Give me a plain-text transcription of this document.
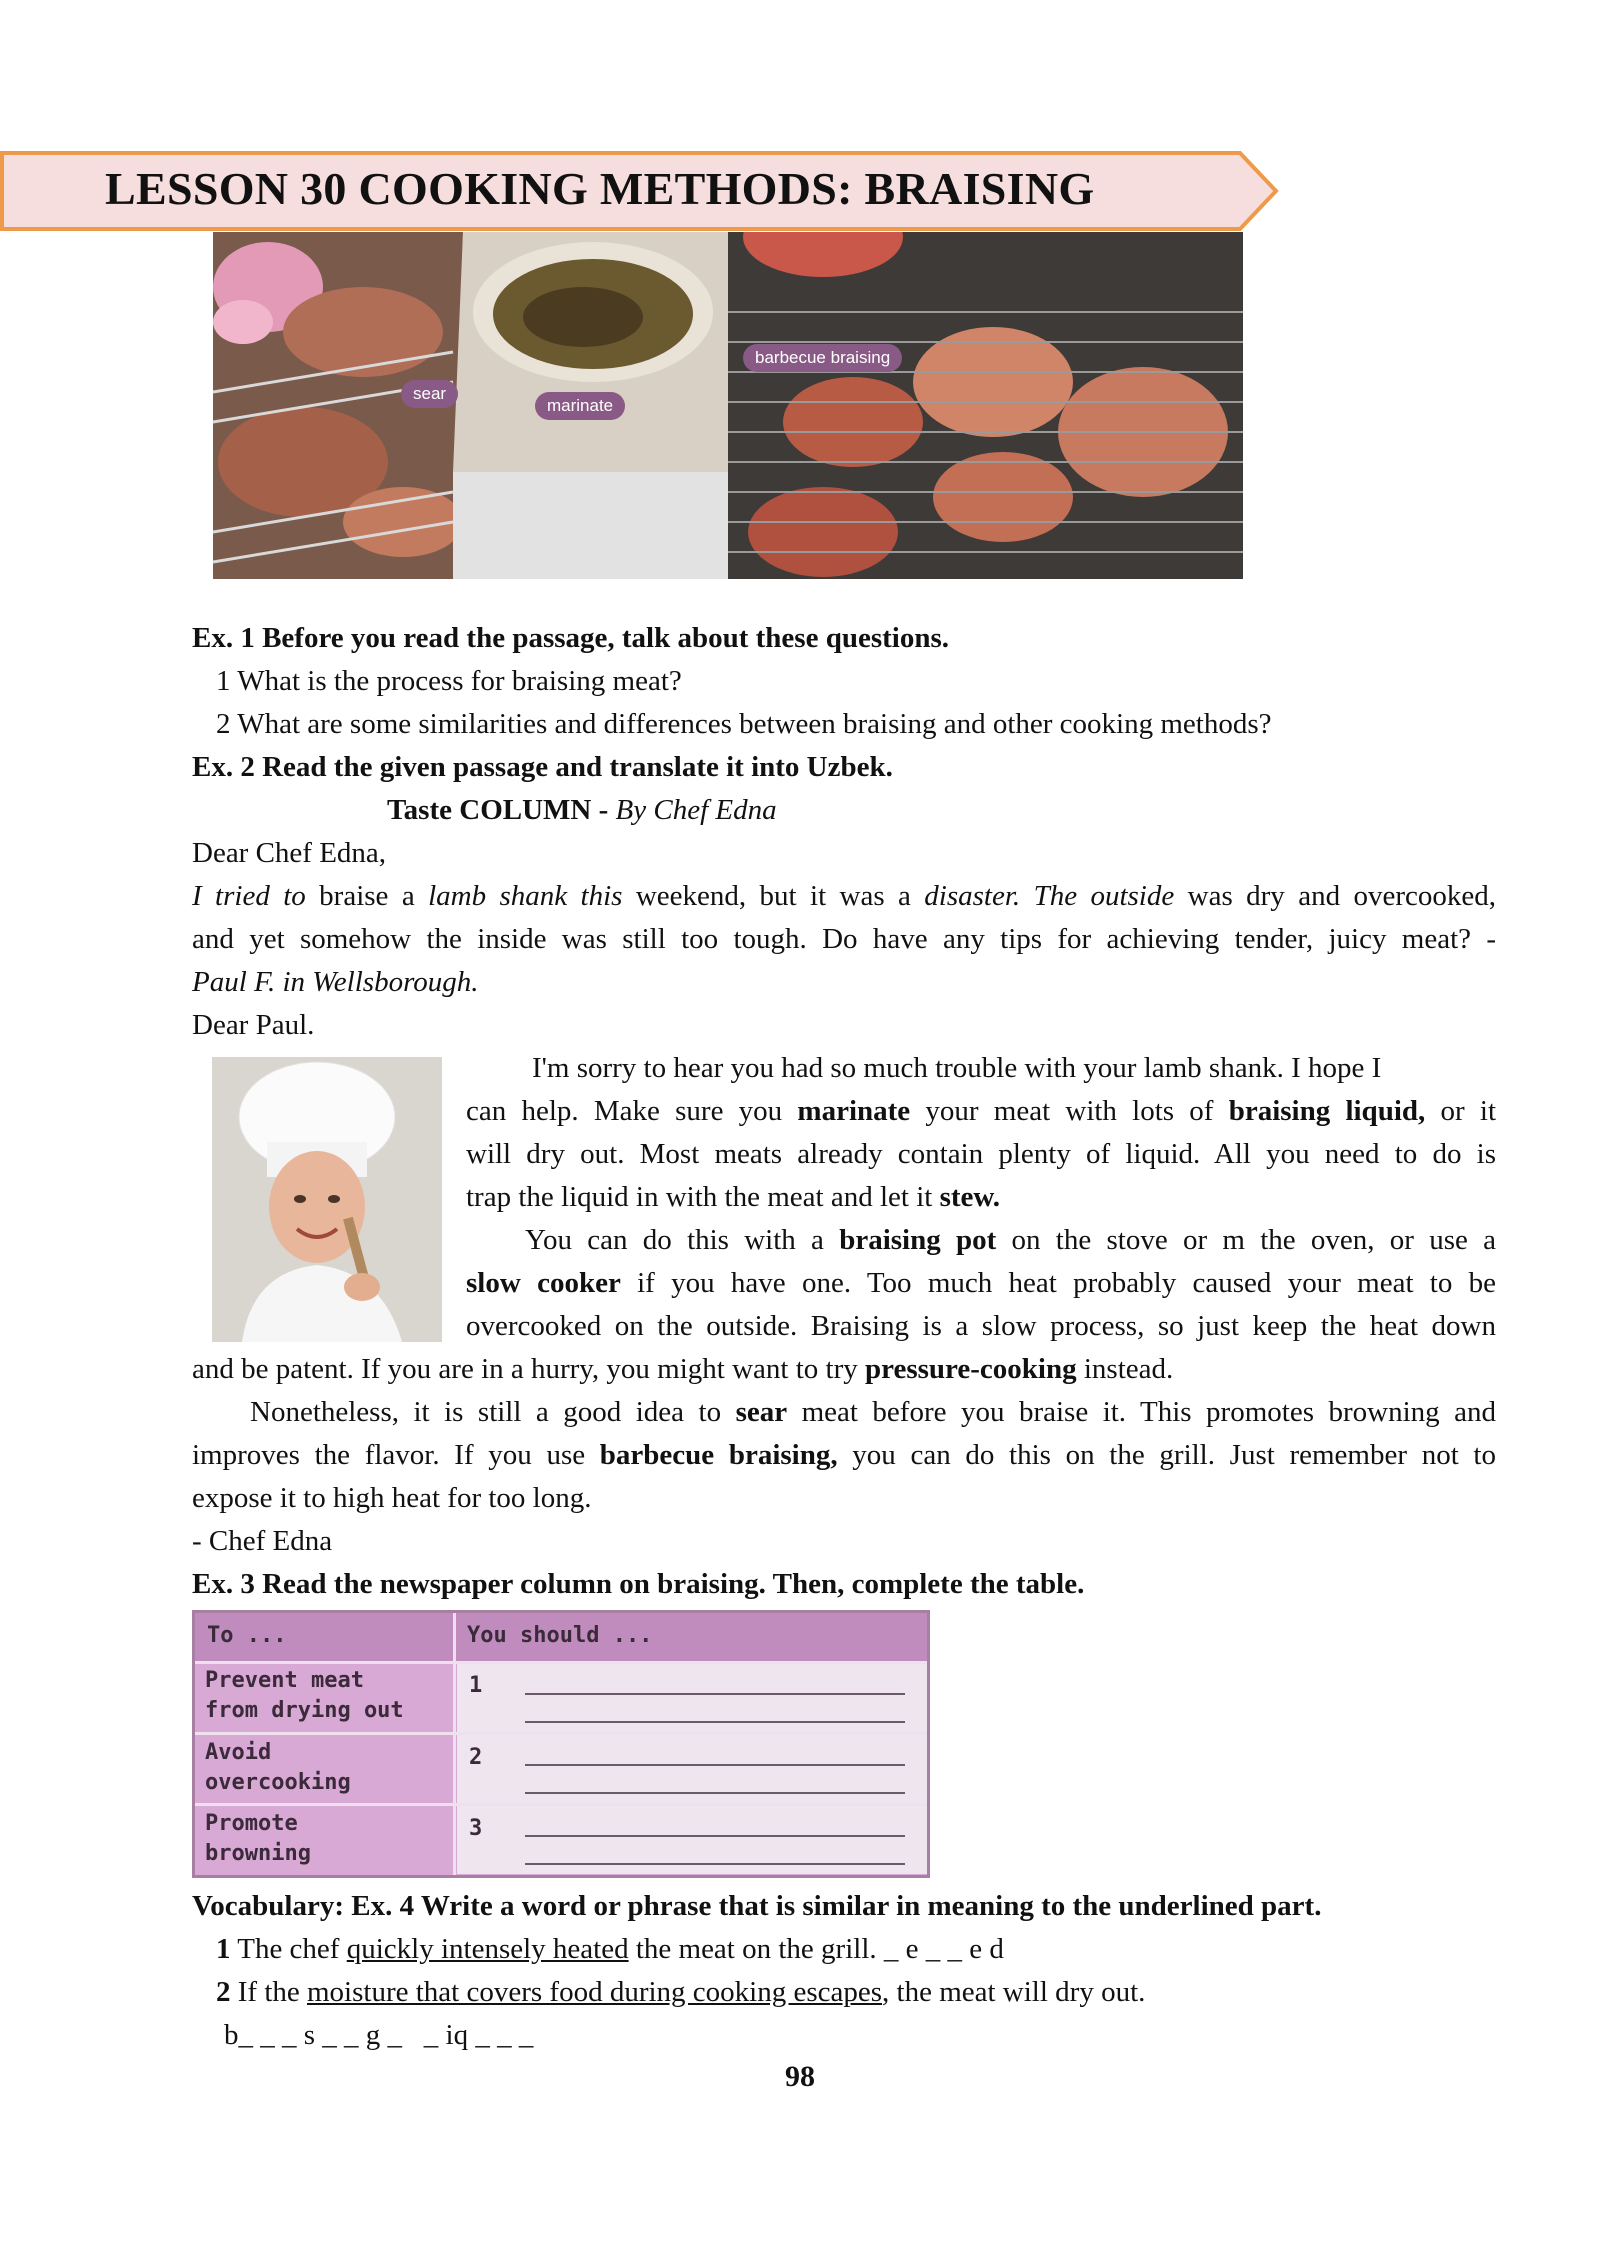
LESSON 30 COOKING METHODS: BRAISING
sear
marinate
barbecue braising
Ex. 1 Before you read the passage, talk about these questions.
1 What is the process for braising meat?
2 What are some similarities and differences between braising and other cooking methods?
Ex. 2 Read the given passage and translate it into Uzbek.
Taste COLUMN - By Chef Edna
Dear Chef Edna,
I tried to braise a lamb shank this weekend, but it was a disaster. The outside was dry and overcooked,
and yet somehow the inside was still too tough. Do have any tips for achieving tender, juicy meat? -
Paul F. in Wellsborough.
Dear Paul.
I'm sorry to hear you had so much trouble with your lamb shank. I hope I
can help. Make sure you marinate your meat with lots of braising liquid, or it
will dry out. Most meats already contain plenty of liquid. All you need to do is
trap the liquid in with the meat and let it stew.
You can do this with a braising pot on the stove or m the oven, or use a
slow cooker if you have one. Too much heat probably caused your meat to be
overcooked on the outside. Braising is a slow process, so just keep the heat down
and be patent. If you are in a hurry, you might want to try pressure-cooking instead.
Nonetheless, it is still a good idea to sear meat before you braise it. This promotes browning and
improves the flavor. If you use barbecue braising, you can do this on the grill. Just remember not to
expose it to high heat for too long.
- Chef Edna
Ex. 3 Read the newspaper column on braising. Then, complete the table.
To ...	You should ...
Prevent meat
from drying out
1
Avoid
overcooking
2
Promote
browning
3
Vocabulary: Ex. 4 Write a word or phrase that is similar in meaning to the underlined part.
1 The chef quickly intensely heated the meat on the grill. _ e _ _ e d
2 If the moisture that covers food during cooking escapes, the meat will dry out.
b_ _ _ s _ _ g _   _ iq _ _ _
98
